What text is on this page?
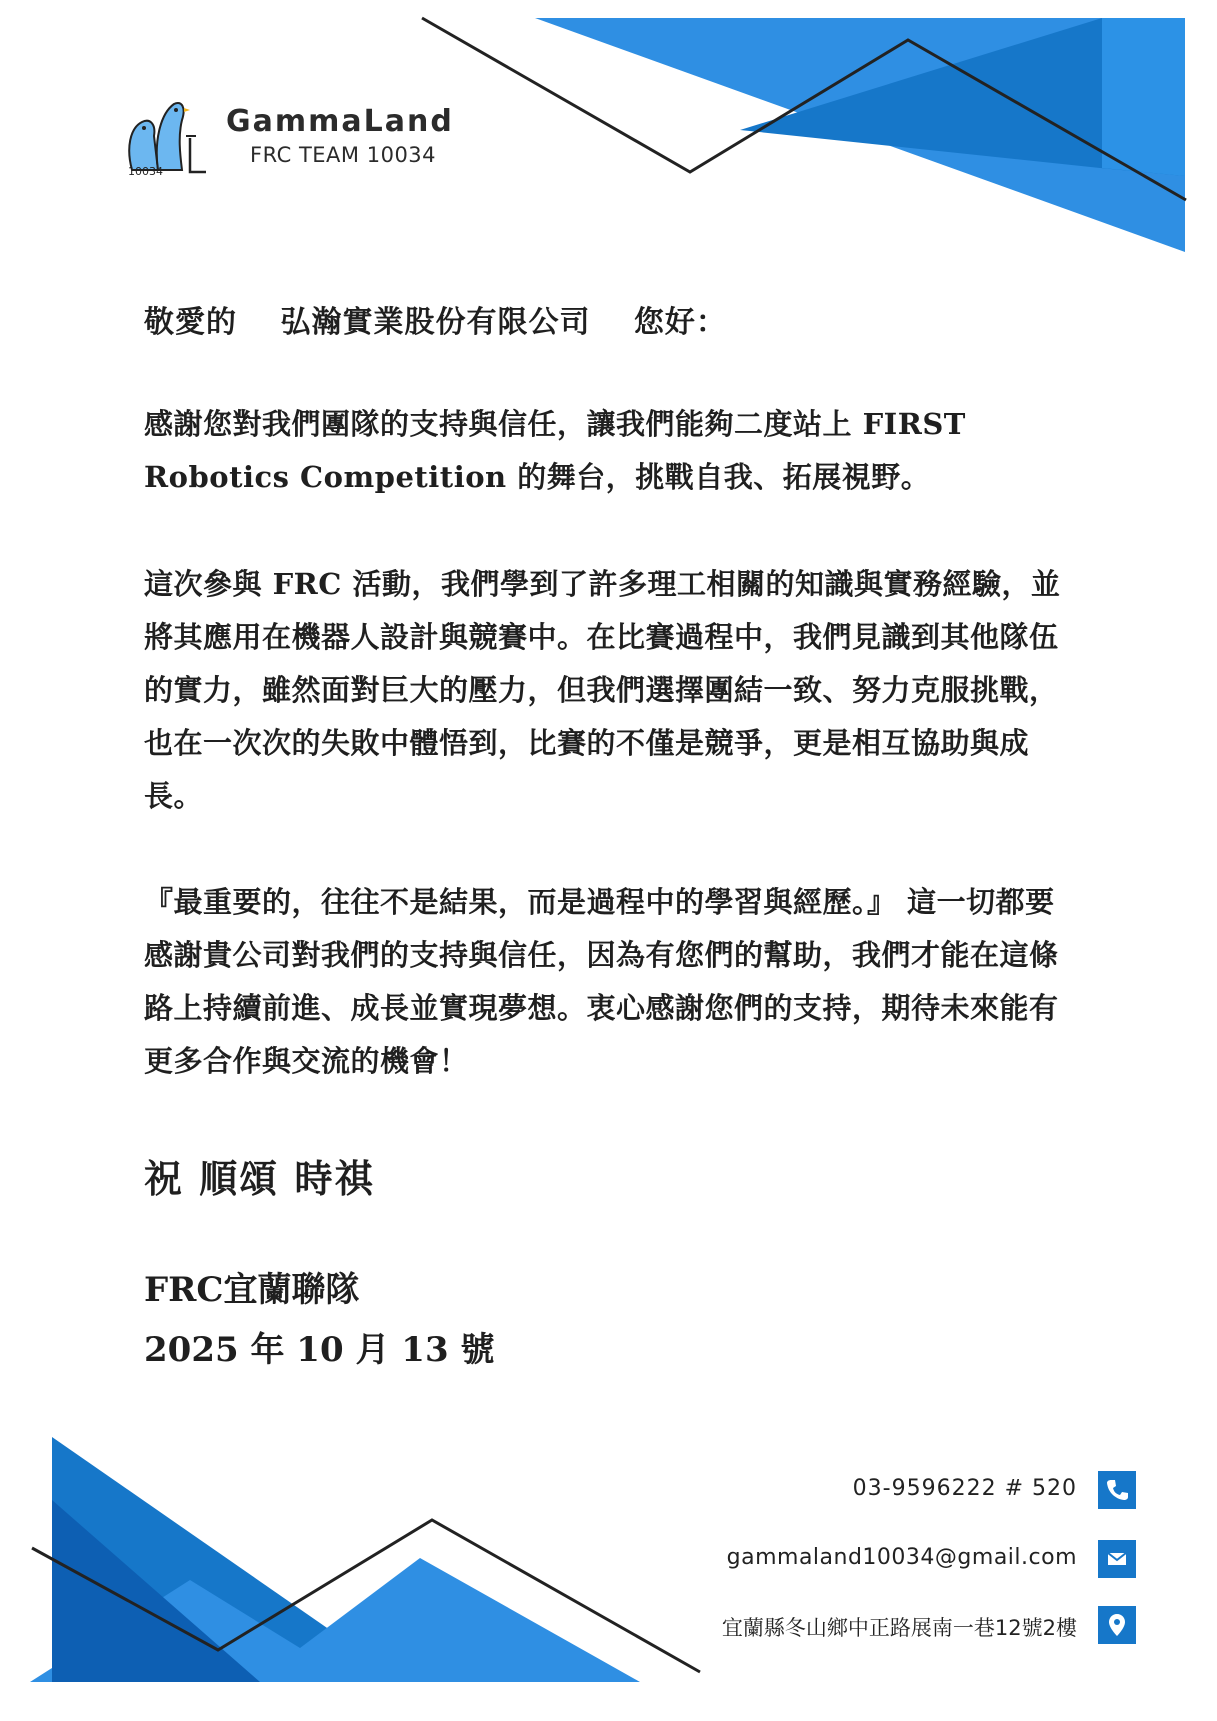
10034
GammaLand
FRC TEAM 10034
敬愛的 弘瀚實業股份有限公司 您好：
感謝您對我們團隊的支持與信任，讓我們能夠二度站上 FIRST Robotics Competition 的舞台，挑戰自我、拓展視野。
這次參與 FRC 活動，我們學到了許多理工相關的知識與實務經驗，並將其應用在機器人設計與競賽中。在比賽過程中，我們見識到其他隊伍的實力，雖然面對巨大的壓力，但我們選擇團結一致、努力克服挑戰，也在一次次的失敗中體悟到，比賽的不僅是競爭，更是相互協助與成長。
『最重要的，往往不是結果，而是過程中的學習與經歷。』 這一切都要感謝貴公司對我們的支持與信任，因為有您們的幫助，我們才能在這條路上持續前進、成長並實現夢想。衷心感謝您們的支持，期待未來能有更多合作與交流的機會！
祝 順頌 時祺
FRC宜蘭聯隊
2025 年 10 月 13 號
03-9596222 # 520
gammaland10034@gmail.com
宜蘭縣冬山鄉中正路展南一巷12號2樓
